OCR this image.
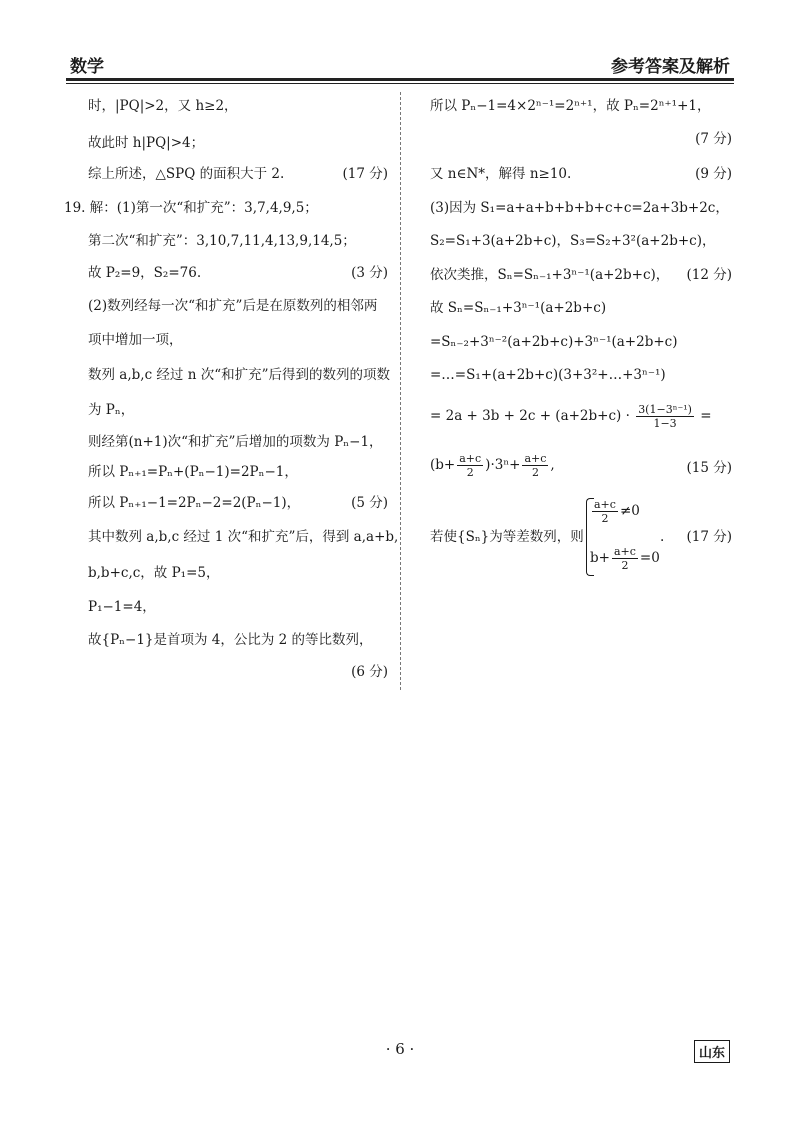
数学	参考答案及解析
时，|PQ|>2，又 h≥2，
故此时 h|PQ|>4；
综上所述，△SPQ 的面积大于 2.	(17 分)
19. 解：(1)第一次“和扩充”：3,7,4,9,5；
第二次“和扩充”：3,10,7,11,4,13,9,14,5；
故 P₂=9，S₂=76.	(3 分)
(2)数列经每一次“和扩充”后是在原数列的相邻两
项中增加一项，
数列 a,b,c 经过 n 次“和扩充”后得到的数列的项数
为 Pₙ，
则经第(n+1)次“和扩充”后增加的项数为 Pₙ−1，
所以 Pₙ₊₁=Pₙ+(Pₙ−1)=2Pₙ−1，
所以 Pₙ₊₁−1=2Pₙ−2=2(Pₙ−1)，	(5 分)
其中数列 a,b,c 经过 1 次“和扩充”后，得到 a,a+b,
b,b+c,c，故 P₁=5，
P₁−1=4，
故{Pₙ−1}是首项为 4，公比为 2 的等比数列，
(6 分)
所以 Pₙ−1=4×2ⁿ⁻¹=2ⁿ⁺¹，故 Pₙ=2ⁿ⁺¹+1，
(7 分)
又 n∈N*，解得 n≥10.	(9 分)
(3)因为 S₁=a+a+b+b+b+c+c=2a+3b+2c，
S₂=S₁+3(a+2b+c)，S₃=S₂+3²(a+2b+c)，
依次类推，Sₙ=Sₙ₋₁+3ⁿ⁻¹(a+2b+c)， (12 分)
故 Sₙ=Sₙ₋₁+3ⁿ⁻¹(a+2b+c)
=Sₙ₋₂+3ⁿ⁻²(a+2b+c)+3ⁿ⁻¹(a+2b+c)
=…=S₁+(a+2b+c)(3+3²+…+3ⁿ⁻¹)
= $2a + 3b + 2c + (a+2b+c) \cdot \frac{\text{3(1−3ⁿ⁻¹)}}{1-3}$ =
$(b+ \frac{a+c}{2} )\cdot 3^n+ \frac{a+c}{2}$ ,	(15 分)
若使{Sₙ}为等差数列，则
$\frac{a+c}{2} \ne 0$
$b+ \frac{a+c}{2} =0$
. (17 分)
· 6 ·	山东
